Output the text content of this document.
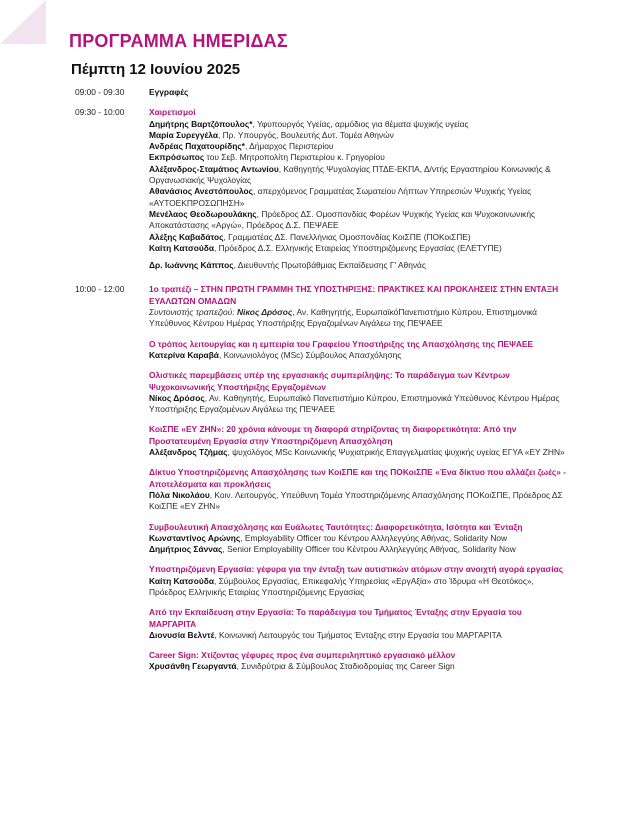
ΠΡΟΓΡΑΜΜΑ ΗΜΕΡΙΔΑΣ
Πέμπτη 12 Ιουνίου 2025
09:00 - 09:30	Εγγραφές
09:30 - 10:00	Χαιρετισμοί

Δημήτρης Βαρτζόπουλος*, Υφυπουργός Υγείας, αρμόδιος για θέματα ψυχικής υγείας

Μαρία Συρεγγέλα, Πρ. Υπουργός, Βουλευτής Δυτ. Τομέα Αθηνών

Ανδρέας Παχατουρίδης*, Δήμαρχος Περιστερίου

Εκπρόσωπος του Σεβ. Μητροπολίτη Περιστερίου κ. Γρηγορίου

Αλέξανδρος-Σταμάτιος Αντωνίου, Καθηγητής Ψυχολογίας ΠΤΔΕ-ΕΚΠΑ, Δ/ντής Εργαστηρίου Κοινωνικής & Οργανωσιακής Ψυχολογίας

Αθανάσιος Ανεστόπουλος, απερχόμενος Γραμματέας Σωματείου Λήπτων Υπηρεσιών Ψυχικής Υγείας «ΑΥΤΟΕΚΠΡΟΣΩΠΗΣΗ»

Μενέλαος Θεοδωρουλάκης, Πρόεδρος ΔΣ. Ομοσπονδίας Φορέων Ψυχικής Υγείας και Ψυχοκοινωνικής Αποκατάστασης «Αργώ», Πρόεδρος Δ.Σ. ΠΕΨΑΕΕ

Αλέξης Καβαδάτος, Γραμματέας ΔΣ. Πανελλήνιας Ομοσπονδίας ΚοιΣΠΕ (ΠΟΚοιΣΠΕ)

Καίτη Κατσούδα, Πρόεδρος Δ.Σ. Ελληνικής Εταιρείας Υποστηριζόμενης Εργασίας (ΕΛΕΤΥΠΕ)

Δρ. Ιωάννης Κάππος, Διευθυντής Πρωτοβάθμιας Εκπαίδευσης Γ' Αθηνάς

10:00 - 12:00	1ο τραπέζι – ΣΤΗΝ ΠΡΩΤΗ ΓΡΑΜΜΗ ΤΗΣ ΥΠΟΣΤΗΡΙΞΗΣ: ΠΡΑΚΤΙΚΕΣ ΚΑΙ ΠΡΟΚΛΗΣΕΙΣ ΣΤΗΝ ΕΝΤΑΞΗ ΕΥΑΛΩΤΩΝ ΟΜΑΔΩΝ

Συντονιστής τραπεζιού: Νίκος Δρόσος, Αν. Καθηγητής, ΕυρωπαϊκόΠανεπιστήμιο Κύπρου, Επιστημονικά Υπεύθυνος Κέντρου Ημέρας Υποστήριξης Εργαζομένων Αιγάλεω της ΠΕΨΑΕΕ

Ο τρόπος λειτουργίας και η εμπειρία του Γραφείου Υποστήριξης της Απασχόλησης της ΠΕΨΑΕΕ

Κατερίνα Καραβά, Κοινωνιολόγος (MSc) Σύμβουλος Απασχόλησης

Ολιστικές παρεμβάσεις υπέρ της εργασιακής συμπερίληψης: Το παράδειγμα των Κέντρων Ψυχοκοινωνικής Υποστήριξης Εργαζομένων

Νίκος Δρόσος, Αν. Καθηγητής, Ευρωπαϊκό Πανεπιστήμιο Κύπρου, Επιστημονικά Υπεύθυνος Κέντρου Ημέρας Υποστήριξης Εργαζομένων Αιγάλεω της ΠΕΨΑΕΕ

ΚοιΣΠΕ «ΕΥ ΖΗΝ»: 20 χρόνια κάνουμε τη διαφορά στηρίζοντας τη διαφορετικότητα: Από την Προστατευμένη Εργασία στην Υποστηριζόμενη Απασχόληση

Αλέξανδρος Τζήμας, ψυχολόγος MSc Κοινωνικής Ψυχιατρικής Επαγγελματίας ψυχικής υγείας ΕΓΥΑ «ΕΥ ΖΗΝ»

Δίκτυο Υποστηριζόμενης Απασχόλησης των ΚοιΣΠΕ και της ΠΟΚοιΣΠΕ «Ένα δίκτυο που αλλάζει ζωές» - Αποτελέσματα και προκλήσεις

Πόλα Νικολάου, Κοιν. Λειτουργός, Υπεύθυνη Τομέα Υποστηριζόμενης Απασχόλησης ΠΟΚοιΣΠΕ, Πρόεδρος ΔΣ ΚοιΣΠΕ «ΕΥ ΖΗΝ»

Συμβουλευτική Απασχόλησης και Ευάλωτες Ταυτότητες: Διαφορετικότητα, Ισότητα και Ένταξη

Κωνσταντίνος Αρώνης, Employability Officer του Κέντρου Αλληλεγγύης Αθήνας, Solidarity Now

Δημήτριος Σάννας, Senior Employability Officer του Κέντρου Αλληλεγγύης Αθήνας, Solidarity Now

Υποστηριζόμενη Εργασία: γέφυρα για την ένταξη των αυτιστικών ατόμων στην ανοιχτή αγορά εργασίας

Καίτη Κατσούδα, Σύμβουλος Εργασίας, Επικεφαλής Υπηρεσίας «ΕργΑξία» στο Ίδρυμα «Η Θεοτόκος», Πρόεδρος Ελληνικής Εταιρίας Υποστηριζόμενης Εργασίας

Από την Εκπαίδευση στην Εργασία: Το παράδειγμα του Τμήματος Ένταξης στην Εργασία του ΜΑΡΓΑΡΙΤΑ

Διονυσία Βελντέ, Κοινωνική Λειτουργός του Τμήματος Ένταξης στην Εργασία του ΜΑΡΓΑΡΙΤΑ

Career Sign: Χτίζοντας γέφυρες προς ένα συμπεριληπτικό εργασιακό μέλλον

Χρυσάνθη Γεωργαντά, Συνιδρύτρια & Σύμβουλος Σταδιοδρομίας της Career Sign
